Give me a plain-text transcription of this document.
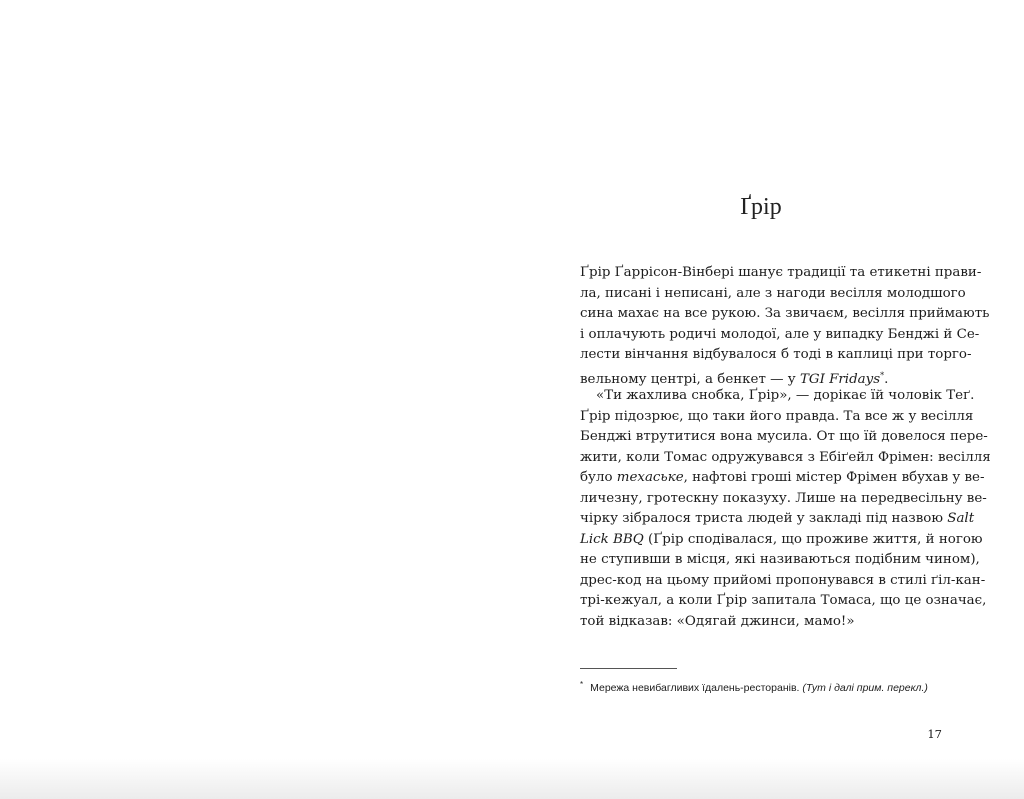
Ґрір
Ґрір Ґаррісон-Вінбері шанує традиції та етикетні прави-
ла, писані і неписані, але з нагоди весілля молодшого
сина махає на все рукою. За звичаєм, весілля приймають
і оплачують родичі молодої, але у випадку Бенджі й Се-
лести вінчання відбувалося б тоді в каплиці при торго-
вельному центрі, а бенкет — у TGI Fridays*.
«Ти жахлива снобка, Ґрір», — дорікає їй чоловік Теґ.
Ґрір підозрює, що таки його правда. Та все ж у весілля
Бенджі втрутитися вона мусила. От що їй довелося пере-
жити, коли Томас одружувався з Ебіґейл Фрімен: весілля
було техаське, нафтові гроші містер Фрімен вбухав у ве-
личезну, гротескну показуху. Лише на передвесільну ве-
чірку зібралося триста людей у закладі під назвою Salt
Lick BBQ (Ґрір сподівалася, що проживе життя, й ногою
не ступивши в місця, які називаються подібним чином),
дрес-код на цьому прийомі пропонувався в стилі ґіл-кан-
трі-кежуал, а коли Ґрір запитала Томаса, що це означає,
той відказав: «Одягай джинси, мамо!»
* Мережа невибагливих їдалень-ресторанів. (Тут і далі прим. перекл.)
17
